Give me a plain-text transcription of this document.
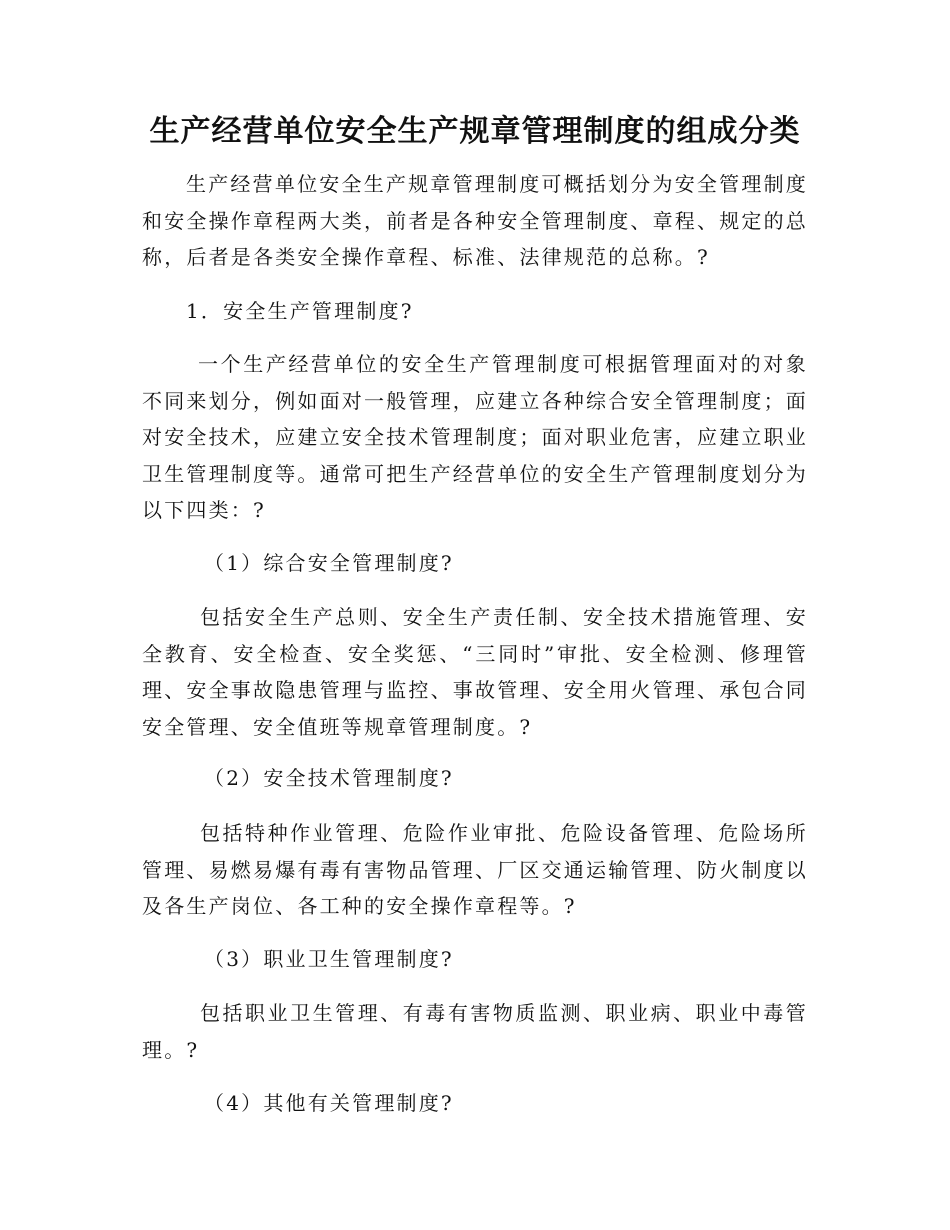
生产经营单位安全生产规章管理制度的组成分类

生产经营单位安全生产规章管理制度可概括划分为安全管理制度和安全操作章程两大类，前者是各种安全管理制度、章程、规定的总称，后者是各类安全操作章程、标准、法律规范的总称。?

1．安全生产管理制度?

一个生产经营单位的安全生产管理制度可根据管理面对的对象不同来划分，例如面对一般管理，应建立各种综合安全管理制度；面对安全技术，应建立安全技术管理制度；面对职业危害，应建立职业卫生管理制度等。通常可把生产经营单位的安全生产管理制度划分为以下四类：?

（1）综合安全管理制度?

包括安全生产总则、安全生产责任制、安全技术措施管理、安全教育、安全检查、安全奖惩、“三同时”审批、安全检测、修理管理、安全事故隐患管理与监控、事故管理、安全用火管理、承包合同安全管理、安全值班等规章管理制度。?

（2）安全技术管理制度?

包括特种作业管理、危险作业审批、危险设备管理、危险场所管理、易燃易爆有毒有害物品管理、厂区交通运输管理、防火制度以及各生产岗位、各工种的安全操作章程等。?

（3）职业卫生管理制度?

包括职业卫生管理、有毒有害物质监测、职业病、职业中毒管理。?

（4）其他有关管理制度?
